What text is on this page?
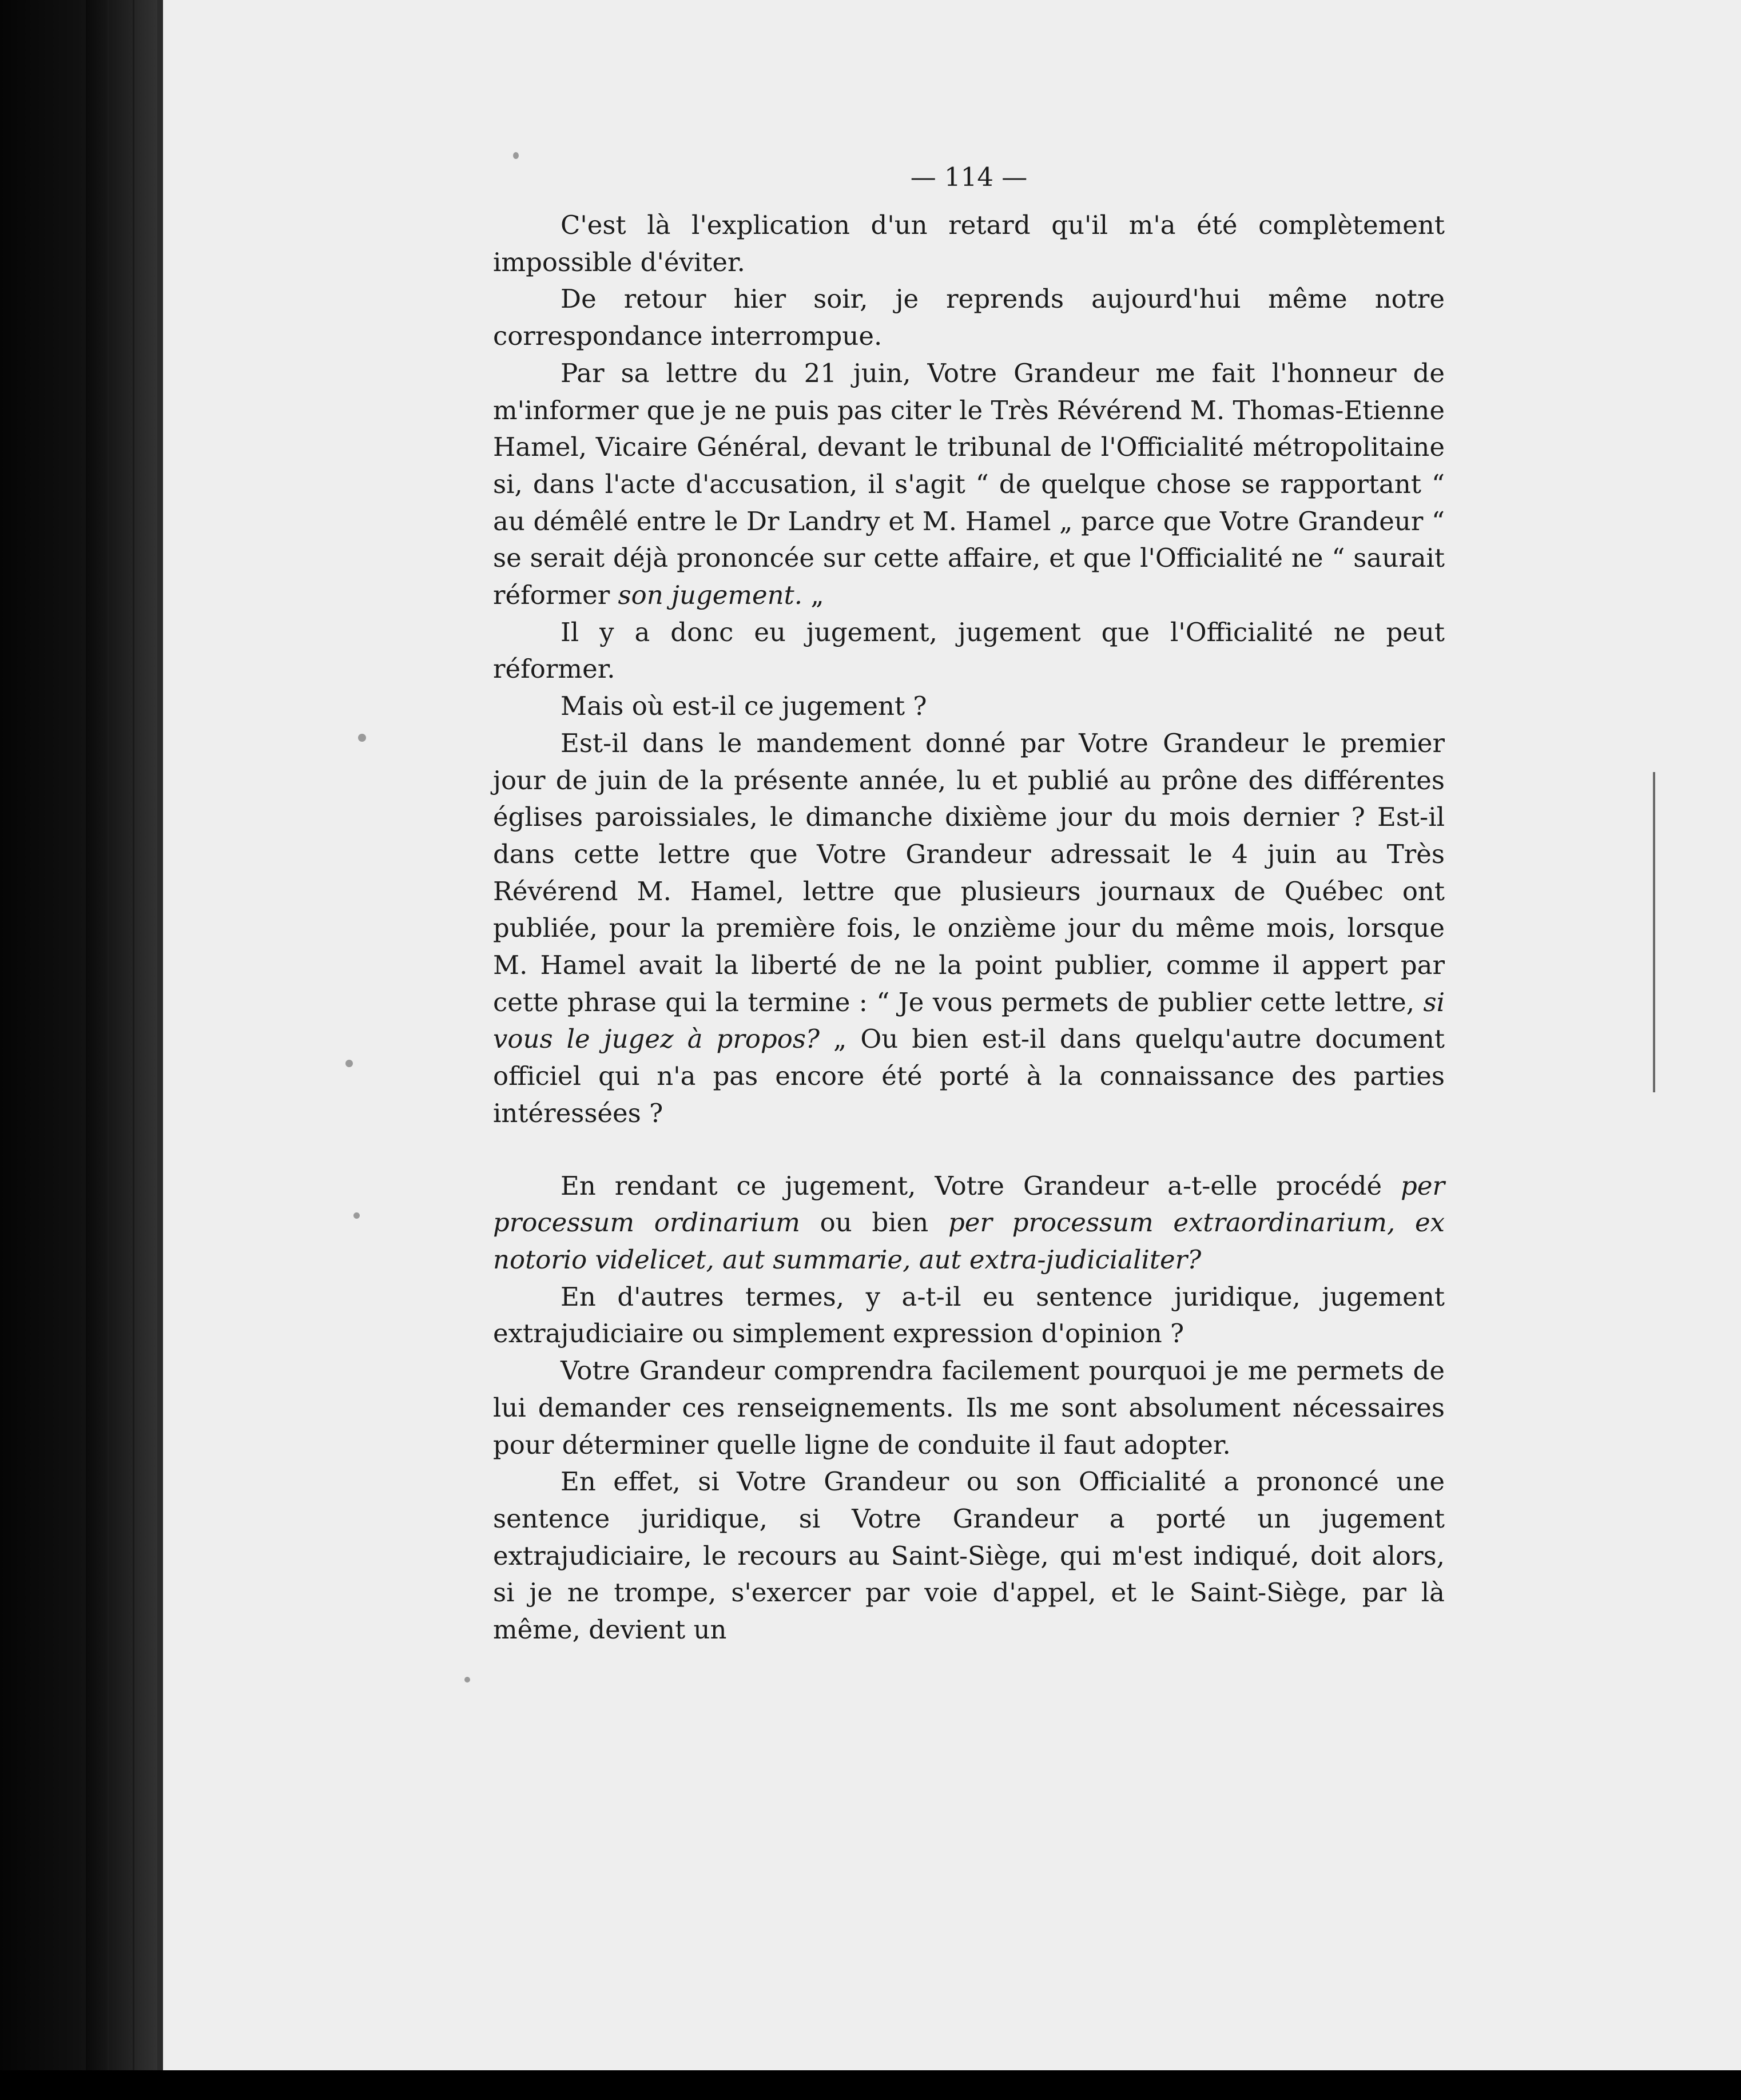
— 114 —

C'est là l'explication d'un retard qu'il m'a été complètement impossible d'éviter.

De retour hier soir, je reprends aujourd'hui même notre correspondance interrompue.

Par sa lettre du 21 juin, Votre Grandeur me fait l'honneur de m'informer que je ne puis pas citer le Très Révérend M. Thomas-Etienne Hamel, Vicaire Général, devant le tribunal de l'Officialité métropolitaine si, dans l'acte d'accusation, il s'agit “ de quelque chose se rapportant “ au démêlé entre le Dr Landry et M. Hamel „ parce que Votre Grandeur “ se serait déjà prononcée sur cette affaire, et que l'Officialité ne “ saurait réformer son jugement. „

Il y a donc eu jugement, jugement que l'Officialité ne peut réformer.

Mais où est-il ce jugement ?

Est-il dans le mandement donné par Votre Grandeur le premier jour de juin de la présente année, lu et publié au prône des différentes églises paroissiales, le dimanche dixième jour du mois dernier ? Est-il dans cette lettre que Votre Grandeur adressait le 4 juin au Très Révérend M. Hamel, lettre que plusieurs journaux de Québec ont publiée, pour la première fois, le onzième jour du même mois, lorsque M. Hamel avait la liberté de ne la point publier, comme il appert par cette phrase qui la termine : “ Je vous permets de publier cette lettre, si vous le jugez à propos? „ Ou bien est-il dans quelqu'autre document officiel qui n'a pas encore été porté à la connaissance des parties intéressées ?

En rendant ce jugement, Votre Grandeur a-t-elle procédé per processum ordinarium ou bien per processum extraordinarium, ex notorio videlicet, aut summarie, aut extra-judicialiter?

En d'autres termes, y a-t-il eu sentence juridique, jugement extrajudiciaire ou simplement expression d'opinion ?

Votre Grandeur comprendra facilement pourquoi je me permets de lui demander ces renseignements. Ils me sont absolument nécessaires pour déterminer quelle ligne de conduite il faut adopter.

En effet, si Votre Grandeur ou son Officialité a prononcé une sentence juridique, si Votre Grandeur a porté un jugement extrajudiciaire, le recours au Saint-Siège, qui m'est indiqué, doit alors, si je ne trompe, s'exercer par voie d'appel, et le Saint-Siège, par là même, devient un
